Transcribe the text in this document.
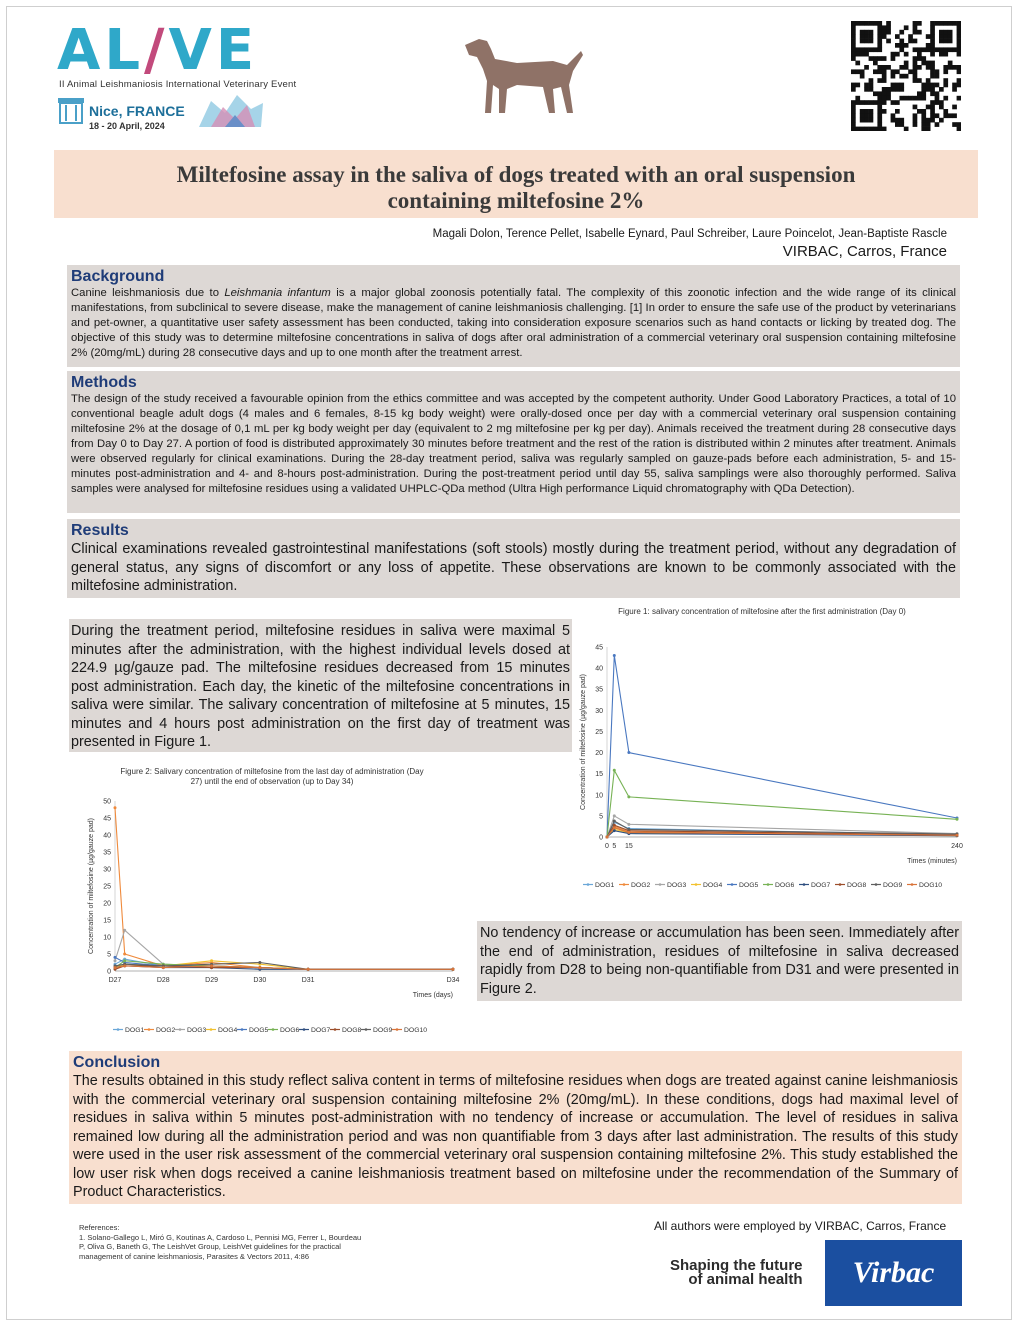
AL/VE
II Animal Leishmaniosis International Veterinary Event
Nice, FRANCE
18 - 20 April, 2024
Miltefosine assay in the saliva of dogs treated with an oral suspension
containing miltefosine 2%
Magali Dolon, Terence Pellet, Isabelle Eynard, Paul Schreiber, Laure Poincelot, Jean-Baptiste Rascle
VIRBAC, Carros, France
Background

Canine leishmaniosis due to Leishmania infantum is a major global zoonosis potentially fatal. The complexity of this zoonotic infection and the wide range of its clinical manifestations, from subclinical to severe disease, make the management of canine leishmaniosis challenging. [1] In order to ensure the safe use of the product by veterinarians and pet-owner, a quantitative user safety assessment has been conducted, taking into consideration exposure scenarios such as hand contacts or licking by treated dog. The objective of this study was to determine miltefosine concentrations in saliva of dogs after oral administration of a commercial veterinary oral suspension containing miltefosine 2% (20mg/mL) during 28 consecutive days and up to one month after the treatment arrest.

Methods

The design of the study received a favourable opinion from the ethics committee and was accepted by the competent authority. Under Good Laboratory Practices, a total of 10 conventional beagle adult dogs (4 males and 6 females, 8-15 kg body weight) were orally-dosed once per day with a commercial veterinary oral suspension containing miltefosine 2% at the dosage of 0,1 mL per kg body weight per day (equivalent to 2 mg miltefosine per kg per day). Animals received the treatment during 28 consecutive days from Day 0 to Day 27. A portion of food is distributed approximately 30 minutes before treatment and the rest of the ration is distributed within 2 minutes after treatment. Animals were observed regularly for clinical examinations. During the 28-day treatment period, saliva was regularly sampled on gauze-pads before each administration, 5- and 15-minutes post-administration and 4- and 8-hours post-administration. During the post-treatment period until day 55, saliva samplings were also thoroughly performed. Saliva samples were analysed for miltefosine residues using a validated UHPLC-QDa method (Ultra High performance Liquid chromatography with QDa Detection).

Results

Clinical examinations revealed gastrointestinal manifestations (soft stools) mostly during the treatment period, without any degradation of general status, any signs of discomfort or any loss of appetite. These observations are known to be commonly associated with the miltefosine administration.

During the treatment period, miltefosine residues in saliva were maximal 5 minutes after the administration, with the highest individual levels dosed at 224.9 µg/gauze pad. The miltefosine residues decreased from 15 minutes post administration. Each day, the kinetic of the miltefosine concentrations in saliva were similar. The salivary concentration of miltefosine at 5 minutes, 15 minutes and 4 hours post administration on the first day of treatment was presented in Figure 1.

No tendency of increase or accumulation has been seen. Immediately after the end of administration, residues of miltefosine in saliva decreased rapidly from D28 to being non-quantifiable from D31 and were presented in Figure 2.

Figure 1: salivary concentration of miltefosine after the first administration (Day 0)
0
5
10
15
20
25
30
35
40
45
0 5 15	240
Times (minutes)
Concentration of miltefosine (µg/gauze pad)
DOG1 DOG2 DOG3 DOG4 DOG5 DOG6 DOG7 DOG8 DOG9 DOG10
Figure 2: Salivary concentration of miltefosine from the last day of administration (Day 27) until the end of observation (up to Day 34)
0
5
10
15
20
25
30
35
40
45
50
D27	D28	D29	D30	D31	D34
Times (days)
Concentration of miltefosine (µg/gauze pad)
DOG1 DOG2 DOG3 DOG4 DOG5 DOG6 DOG7 DOG8 DOG9 DOG10
Conclusion

The results obtained in this study reflect saliva content in terms of miltefosine residues when dogs are treated against canine leishmaniosis with the commercial veterinary oral suspension containing miltefosine 2% (20mg/mL). In these conditions, dogs had maximal level of residues in saliva within 5 minutes post-administration with no tendency of increase or accumulation. The level of residues in saliva remained low during all the administration period and was non quantifiable from 3 days after last administration. The results of this study were used in the user risk assessment of the commercial veterinary oral suspension containing miltefosine 2%. This study established the low user risk when dogs received a canine leishmaniosis treatment based on miltefosine under the recommendation of the Summary of Product Characteristics.

References:
1. Solano-Gallego L, Miró G, Koutinas A, Cardoso L, Pennisi MG, Ferrer L, Bourdeau P, Oliva G, Baneth G, The LeishVet Group, LeishVet guidelines for the practical management of canine leishmaniosis, Parasites & Vectors 2011, 4:86
All authors were employed by VIRBAC, Carros, France
Shaping the future
of animal health	Virbac
